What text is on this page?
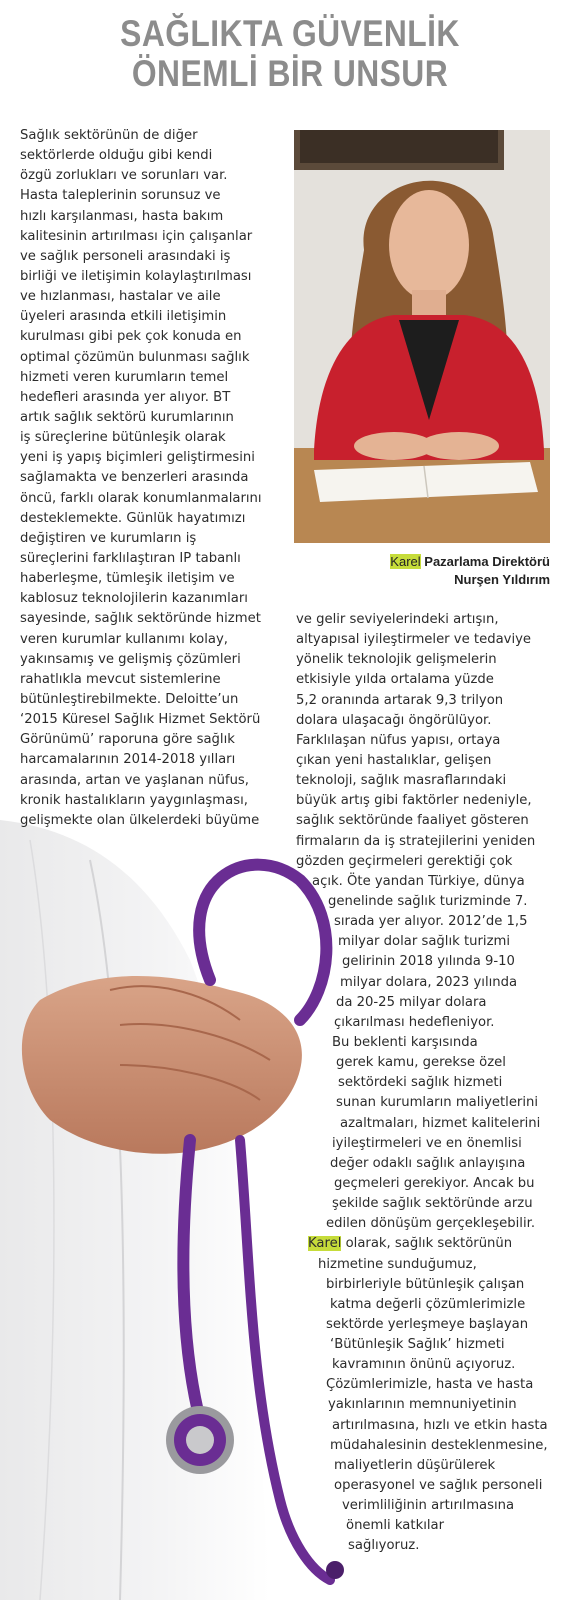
SAĞLIKTA GÜVENLİK
ÖNEMLİ BİR UNSUR
Karel Pazarlama Direktörü
Nurşen Yıldırım
Sağlık sektörünün de diğer
sektörlerde olduğu gibi kendi
özgü zorlukları ve sorunları var.
Hasta taleplerinin sorunsuz ve
hızlı karşılanması, hasta bakım
kalitesinin artırılması için çalışanlar
ve sağlık personeli arasındaki iş
birliği ve iletişimin kolaylaştırılması
ve hızlanması, hastalar ve aile
üyeleri arasında etkili iletişimin
kurulması gibi pek çok konuda en
optimal çözümün bulunması sağlık
hizmeti veren kurumların temel
hedefleri arasında yer alıyor. BT
artık sağlık sektörü kurumlarının
iş süreçlerine bütünleşik olarak
yeni iş yapış biçimleri geliştirmesini
sağlamakta ve benzerleri arasında
öncü, farklı olarak konumlanmalarını
desteklemekte. Günlük hayatımızı
değiştiren ve kurumların iş
süreçlerini farklılaştıran IP tabanlı
haberleşme, tümleşik iletişim ve
kablosuz teknolojilerin kazanımları
sayesinde, sağlık sektöründe hizmet
veren kurumlar kullanımı kolay,
yakınsamış ve gelişmiş çözümleri
rahatlıkla mevcut sistemlerine
bütünleştirebilmekte. Deloitte’un
‘2015 Küresel Sağlık Hizmet Sektörü
Görünümü’ raporuna göre sağlık
harcamalarının 2014-2018 yılları
arasında, artan ve yaşlanan nüfus,
kronik hastalıkların yaygınlaşması,
gelişmekte olan ülkelerdeki büyüme
ve gelir seviyelerindeki artışın,
altyapısal iyileştirmeler ve tedaviye
yönelik teknolojik gelişmelerin
etkisiyle yılda ortalama yüzde
5,2 oranında artarak 9,3 trilyon
dolara ulaşacağı öngörülüyor.
Farklılaşan nüfus yapısı, ortaya
çıkan yeni hastalıklar, gelişen
teknoloji, sağlık masraflarındaki
büyük artış gibi faktörler nedeniyle,
sağlık sektöründe faaliyet gösteren
firmaların da iş stratejilerini yeniden
gözden geçirmeleri gerektiği çok
açık. Öte yandan Türkiye, dünya
genelinde sağlık turizminde 7.
sırada yer alıyor. 2012’de 1,5
milyar dolar sağlık turizmi
gelirinin 2018 yılında 9-10
milyar dolara, 2023 yılında
da 20-25 milyar dolara
çıkarılması hedefleniyor.
Bu beklenti karşısında
gerek kamu, gerekse özel
sektördeki sağlık hizmeti
sunan kurumların maliyetlerini
azaltmaları, hizmet kalitelerini
iyileştirmeleri ve en önemlisi
değer odaklı sağlık anlayışına
geçmeleri gerekiyor. Ancak bu
şekilde sağlık sektöründe arzu
edilen dönüşüm gerçekleşebilir.
Karel olarak, sağlık sektörünün
hizmetine sunduğumuz,
birbirleriyle bütünleşik çalışan
katma değerli çözümlerimizle
sektörde yerleşmeye başlayan
‘Bütünleşik Sağlık’ hizmeti
kavramının önünü açıyoruz.
Çözümlerimizle, hasta ve hasta
yakınlarının memnuniyetinin
artırılmasına, hızlı ve etkin hasta
müdahalesinin desteklenmesine,
maliyetlerin düşürülerek
operasyonel ve sağlık personeli
verimliliğinin artırılmasına
önemli katkılar
sağlıyoruz.
